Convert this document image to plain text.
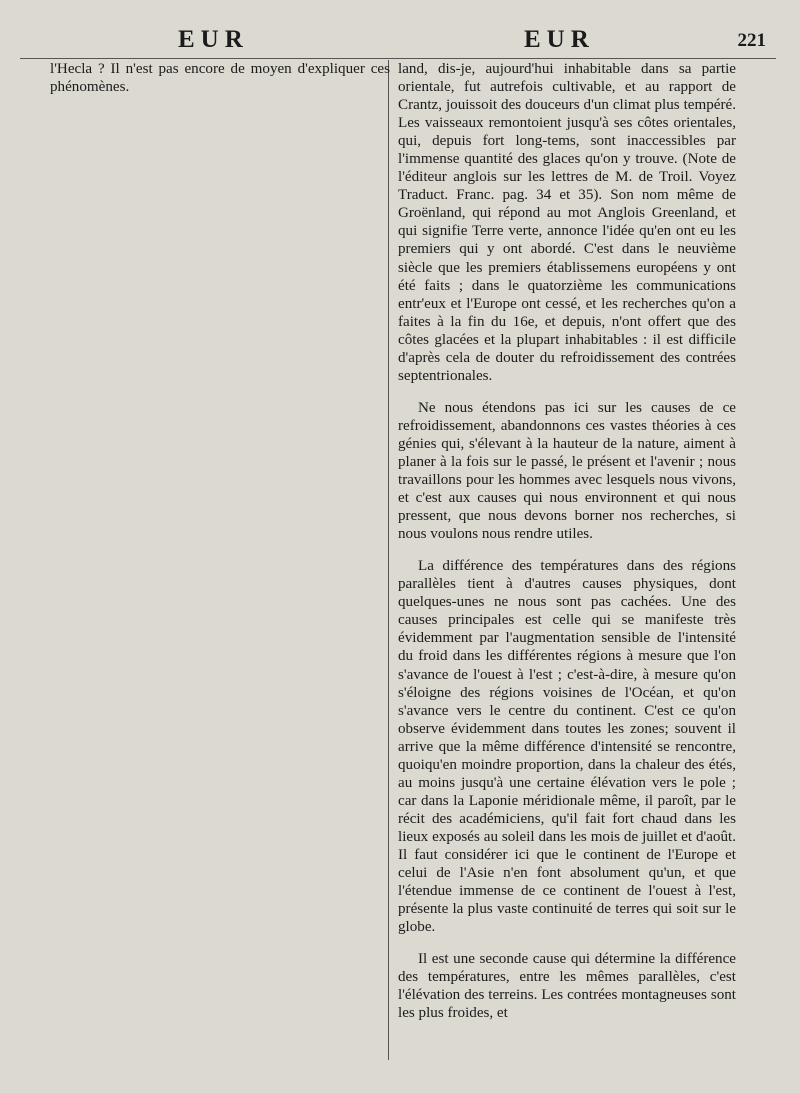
EUR	EUR	221

l'Hecla ? Il n'est pas encore de moyen d'expliquer ces phénomènes.

land, dis-je, aujourd'hui inhabitable dans sa partie orientale, fut autrefois cultivable, et au rapport de Crantz, jouissoit des douceurs d'un climat plus tempéré. Les vaisseaux remontoient jusqu'à ses côtes orientales, qui, depuis fort long-tems, sont inaccessibles par l'immense quantité des glaces qu'on y trouve. (Note de l'éditeur anglois sur les lettres de M. de Troil. Voyez Traduct. Franc. pag. 34 et 35). Son nom même de Groënland, qui répond au mot Anglois Greenland, et qui signifie Terre verte, annonce l'idée qu'en ont eu les premiers qui y ont abordé. C'est dans le neuvième siècle que les premiers établissemens européens y ont été faits ; dans le quatorzième les communications entr'eux et l'Europe ont cessé, et les recherches qu'on a faites à la fin du 16e, et depuis, n'ont offert que des côtes glacées et la plupart inhabitables : il est difficile d'après cela de douter du refroidissement des contrées septentrionales.

Ne nous étendons pas ici sur les causes de ce refroidissement, abandonnons ces vastes théories à ces génies qui, s'élevant à la hauteur de la nature, aiment à planer à la fois sur le passé, le présent et l'avenir ; nous travaillons pour les hommes avec lesquels nous vivons, et c'est aux causes qui nous environnent et qui nous pressent, que nous devons borner nos recherches, si nous voulons nous rendre utiles.

La différence des températures dans des régions parallèles tient à d'autres causes physiques, dont quelques-unes ne nous sont pas cachées. Une des causes principales est celle qui se manifeste très évidemment par l'augmentation sensible de l'intensité du froid dans les différentes régions à mesure que l'on s'avance de l'ouest à l'est ; c'est-à-dire, à mesure qu'on s'éloigne des régions voisines de l'Océan, et qu'on s'avance vers le centre du continent. C'est ce qu'on observe évidemment dans toutes les zones; souvent il arrive que la même différence d'intensité se rencontre, quoiqu'en moindre proportion, dans la chaleur des étés, au moins jusqu'à une certaine élévation vers le pole ; car dans la Laponie méridionale même, il paroît, par le récit des académiciens, qu'il fait fort chaud dans les lieux exposés au soleil dans les mois de juillet et d'août. Il faut considérer ici que le continent de l'Europe et celui de l'Asie n'en font absolument qu'un, et que l'étendue immense de ce continent de l'ouest à l'est, présente la plus vaste continuité de terres qui soit sur le globe.

Il est une seconde cause qui détermine la différence des températures, entre les mêmes parallèles, c'est l'élévation des terreins. Les contrées montagneuses sont les plus froides, et
